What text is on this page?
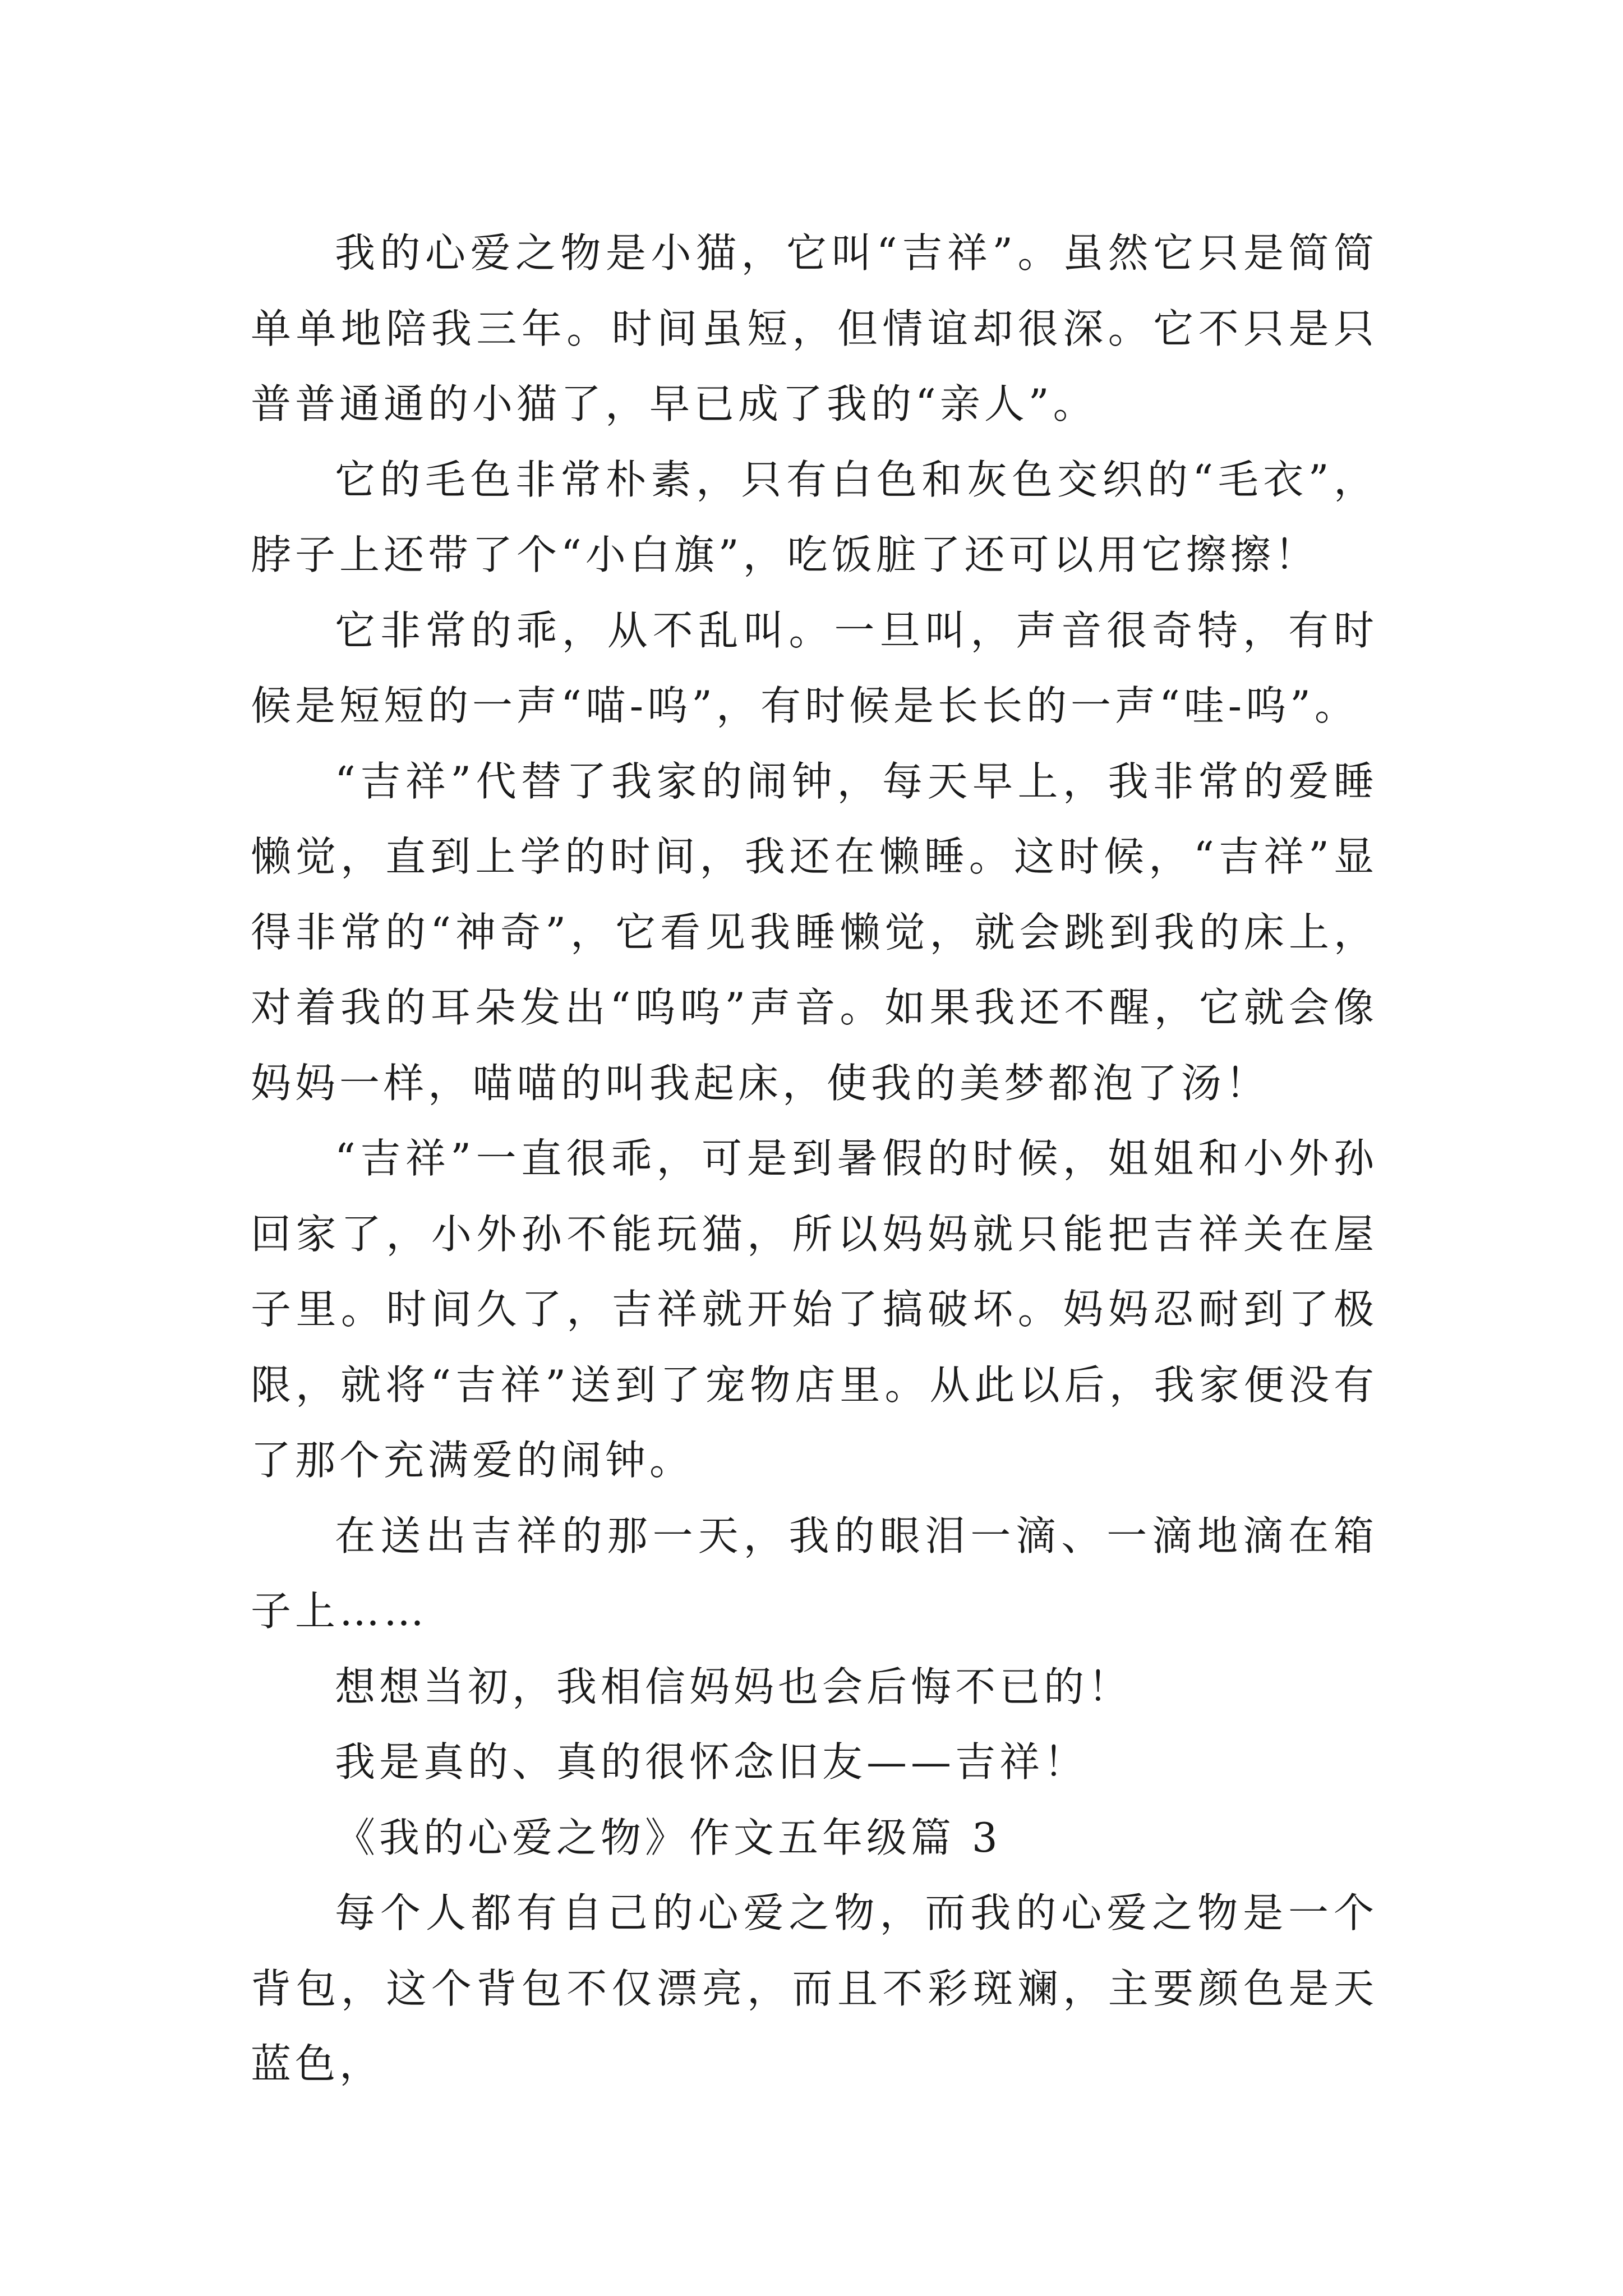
我的心爱之物是小猫，它叫“吉祥”。虽然它只是简简单单地陪我三年。时间虽短，但情谊却很深。它不只是只普普通通的小猫了，早已成了我的“亲人”。

它的毛色非常朴素，只有白色和灰色交织的“毛衣”，脖子上还带了个“小白旗”，吃饭脏了还可以用它擦擦！

它非常的乖，从不乱叫。一旦叫，声音很奇特，有时候是短短的一声“喵-呜”，有时候是长长的一声“哇-呜”。

“吉祥”代替了我家的闹钟，每天早上，我非常的爱睡懒觉，直到上学的时间，我还在懒睡。这时候，“吉祥”显得非常的“神奇”，它看见我睡懒觉，就会跳到我的床上，对着我的耳朵发出“呜呜”声音。如果我还不醒，它就会像妈妈一样，喵喵的叫我起床，使我的美梦都泡了汤！

“吉祥”一直很乖，可是到暑假的时候，姐姐和小外孙回家了，小外孙不能玩猫，所以妈妈就只能把吉祥关在屋子里。时间久了，吉祥就开始了搞破坏。妈妈忍耐到了极限，就将“吉祥”送到了宠物店里。从此以后，我家便没有了那个充满爱的闹钟。

在送出吉祥的那一天，我的眼泪一滴、一滴地滴在箱子上……

想想当初，我相信妈妈也会后悔不已的！

我是真的、真的很怀念旧友——吉祥！

《我的心爱之物》作文五年级篇 3

每个人都有自己的心爱之物，而我的心爱之物是一个背包，这个背包不仅漂亮，而且不彩斑斓，主要颜色是天蓝色，
